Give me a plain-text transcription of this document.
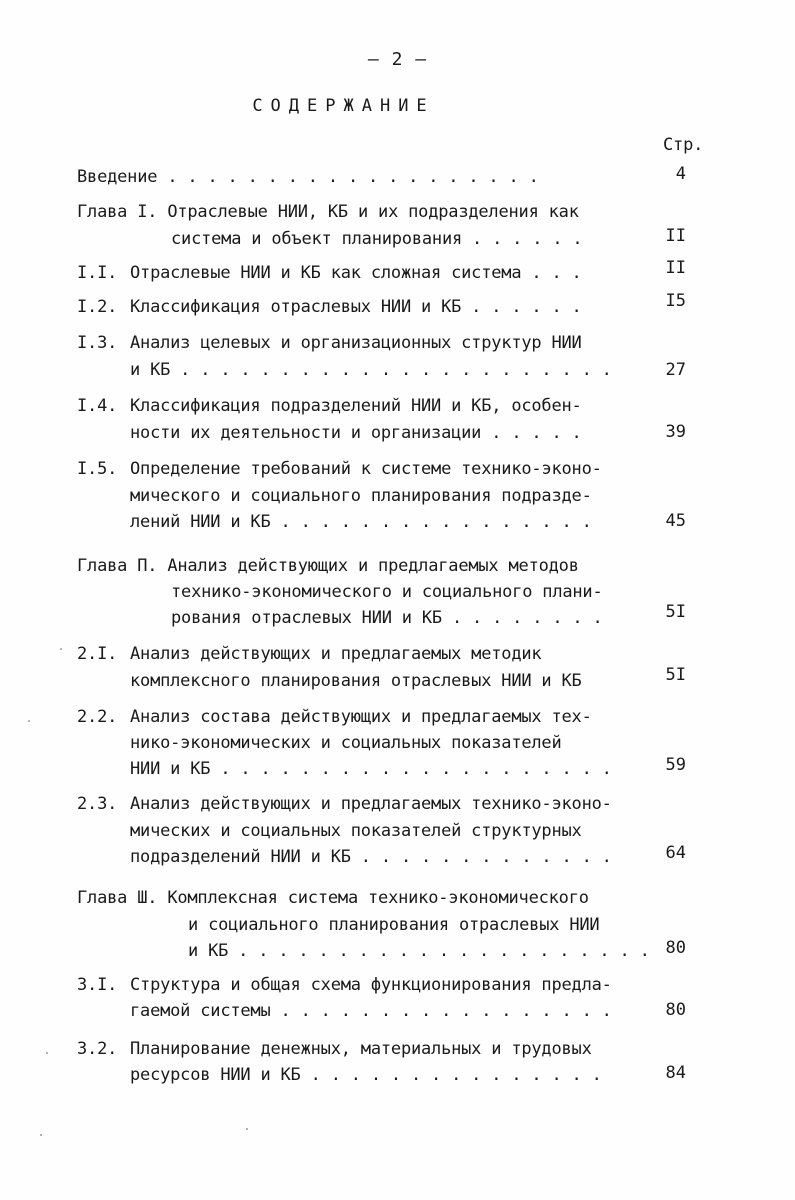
– 2 –
СОДЕРЖАНИЕ
Стр.
Введение . . . . . . . . . . . . . . . . . . .	4
Глава I. Отраслевые НИИ, КБ и их подразделения как
система и объект планирования . . . . . .	II
I.I. Отраслевые НИИ и КБ как сложная система . . .	II
I.2. Классификация отраслевых НИИ и КБ . . . . . .	I5
I.3. Анализ целевых и организационных структур НИИ
и КБ . . . . . . . . . . . . . . . . . . . . . .	27
I.4. Классификация подразделений НИИ и КБ, особен-
ности их деятельности и организации . . . . .	39
I.5. Определение требований к системе технико-эконо-
мического и социального планирования подразде-
лений НИИ и КБ . . . . . . . . . . . . . . . .	45
Глава П. Анализ действующих и предлагаемых методов
технико-экономического и социального плани-
рования отраслевых НИИ и КБ . . . . . . . .	5I
2.I. Анализ действующих и предлагаемых методик
комплексного планирования отраслевых НИИ и КБ	5I
2.2. Анализ состава действующих и предлагаемых тех-
нико-экономических и социальных показателей
НИИ и КБ . . . . . . . . . . . . . . . . . . . .	59
2.3. Анализ действующих и предлагаемых технико-эконо-
мических и социальных показателей структурных
подразделений НИИ и КБ . . . . . . . . . . . . .	64
Глава Ш. Комплексная система технико-экономического
и социального планирования отраслевых НИИ
и КБ . . . . . . . . . . . . . . . . . . . . . 80
3.I. Структура и общая схема функционирования предла-
гаемой системы . . . . . . . . . . . . . . . . .	80
3.2. Планирование денежных, материальных и трудовых
ресурсов НИИ и КБ . . . . . . . . . . . . . . .	84
